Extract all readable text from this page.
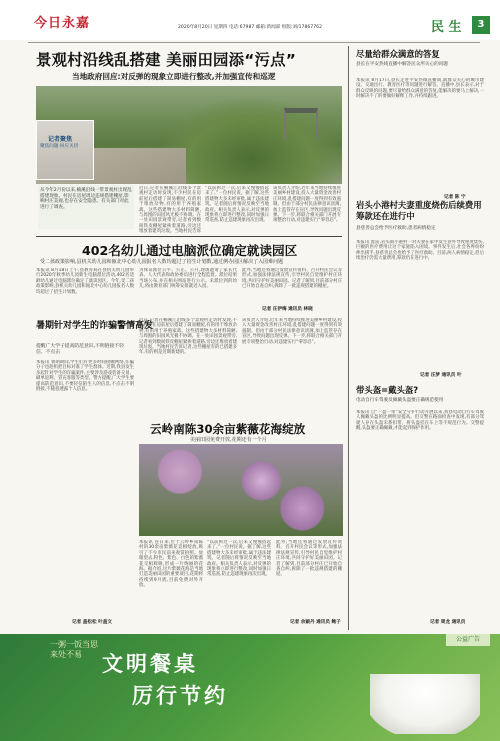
今日永嘉	2020年8月20日 星期四 电话:67987 邮箱:新闻部 组版:刘/17867762	民 生	3
景观村沿线乱搭建 美丽田园添“污点”
当地政府回应:对反弹的现象立即进行整改,并加强宣传和巡逻
记者聚焦
聚焦问题·回应关切
从今年2月份以来,楠溪沿线一带景观村出现乱搭建现象。村民在房屋周边违规搭建棚屋,影响村庄美观,也存在安全隐患。有关部门对此进行了调查。
近日,记者在楠溪江沿线多个景观村走访时发现,不少村民在房前屋后搭建了简易棚屋,有的用于堆放杂物,有的用于养殖家禽。这些搭建物大多材料简陋,与周围的田园风光极不协调。在一处田园景观带旁,记者看到数间铁皮棚屋紧挨着道路,旁边还堆放着建筑垃圾。当地村民告诉
“以前拆过一次,后来又慢慢搭起来了。”一位村民说。据了解,这些搭建物大多未经审批,属于违法建筑。记者随后将情况反映至当地政府。相关负责人表示,对反弹的现象将立即进行整改,同时加强日常巡查,防止违建现象再次出现。
该负责人介绍,近年来当地持续推进美丽乡村建设,投入大量资金改善村庄环境,乱搭建问题一度得到有效遏制。但由于部分村民法律意识淡薄,加上监管存在盲区,导致问题出现反弹。下一步,将联合相关部门开展专项整治行动,对违建实行“零容忍”。
402名幼儿通过电脑派位确定就读园区
受二孩政策影响,县机关幼儿园和瓯北中心幼儿园报名人数均超过了招生计划数,通过例办园区解决了入园难问题
本报讯 8月18日上午,县教育局在县机关幼儿园举行2020年秋季幼儿园新生电脑派位活动,402名适龄幼儿通过电脑派位确定了就读园区。今年,受二孩政策影响,县机关幼儿园和瓯北中心幼儿园报名人数均超过了招生计划数。
为保证派位公平、公正、公开,现场邀请了家长代表、人大代表和政协委员进行全程监督。派位结果当场公布,并在相关网站进行公示。未派位到的幼儿,将由教育部门统筹安排就近入园。
此外,当地还将通过发放宣传资料、召开村民会议等形式,加强法律法规宣传,引导村民自觉维护村庄环境,共同守护好美丽田园。记者了解到,目前部分村庄已开始自查自纠,拆除了一批违规搭建的棚屋。
记者 汪伊梅 通讯员 林晓
暑期针对学生的诈骗警情高发
提醒广大学子提高防范意识,不明链接不轻信、不点击
本报讯 暑期期间,学生们有更多时间接触网络,诈骗分子也趁机把目标对准了学生群体。近期,我县发生多起针对学生的诈骗案件,主要涉及游戏装备交易、刷单返利、冒充客服等类型。警方提醒,广大学生要提高防范意识,不要轻信陌生人的信息,不点击不明链接,不随意透露个人信息。
记者 盖松松 叶盖文
近日,记者在楠溪江沿线多个景观村走访时发现,不少村民在房前屋后搭建了简易棚屋,有的用于堆放杂物,有的用于养殖家禽。这些搭建物大多材料简陋,与周围的田园风光极不协调。在一处田园景观带旁,记者看到数间铁皮棚屋紧挨着道路,旁边还堆放着建筑垃圾。当地村民告诉记者,这些棚屋有的已搭建多年,有的则是近期新建的。
该负责人介绍,近年来当地持续推进美丽乡村建设,投入大量资金改善村庄环境,乱搭建问题一度得到有效遏制。但由于部分村民法律意识淡薄,加上监管存在盲区,导致问题出现反弹。下一步,将联合相关部门开展专项整治行动,对违建实行“零容忍”。
云岭南陈30余亩紫薇花海绽放
美丽田园免费开放,花期还有一个月
本报讯 连日来,位于云岭乡南陈村的30余亩紫薇花竞相绽放,吸引了不少市民前来观赏拍照。放眼望去,粉色、紫色、白色的紫薇花交相辉映,形成一片绚丽的花海。据介绍,这片紫薇花海是当地打造美丽田园的重要项目,花期将持续到9月底,目前免费对外开放。
“以前拆过一次,后来又慢慢搭起来了。”一位村民说。据了解,这些搭建物大多未经审批,属于违法建筑。记者随后将情况反映至当地政府。相关负责人表示,对反弹的现象将立即进行整改,同时加强日常巡查,防止违建现象再次出现。
此外,当地还将通过发放宣传资料、召开村民会议等形式,加强法律法规宣传,引导村民自觉维护村庄环境,共同守护好美丽田园。记者了解到,目前部分村庄已开始自查自纠,拆除了一批违规搭建的棚屋。
记者 余颖丹 通讯员 鲍子
尽量给群众满意的答复
县长在平安热线直播中解答民众所关心的问题
本报讯 8月17日,县长走进平安热线直播间,就群众关心的城市建设、交通出行、教育医疗等问题进行解答。直播中,县长表示,对于群众反映的问题,要尽量给群众满意的答复,能解决的要马上解决,一时解决不了的要做好解释工作,并持续跟进。
记者 陈 宁
岩头小港村夫妻重度烧伤后续费用筹款还在进行中
县慈善总会给予医疗救助,患者病情稳定
本报讯 此前,岩头镇小港村一对夫妻在家中发生意外导致重度烧伤,巨额的医疗费用让这个家庭陷入困境。事件发生后,社会各界纷纷伸出援手,县慈善总会也给予了医疗救助。目前,两人病情稳定,但后续治疗仍需大量费用,筹款仍在进行中。
记者 汪梦 通讯员 叶
带头盔=戴头盔?
电动自行车驾驶员佩戴头盔要正确规范使用
本报讯 自“一盔一带”安全守护行动开展以来,我县电动自行车驾驶人佩戴头盔的比例明显提高。但交警在路面检查中发现,有部分驾驶人存在头盔未系扣带、将头盔挂在车上等不规范行为。交警提醒,头盔要正确佩戴,才能起到保护作用。
记者 周龙 通讯员
公益广告
一粥一饭当思来处不易 文明餐桌
厉行节约
